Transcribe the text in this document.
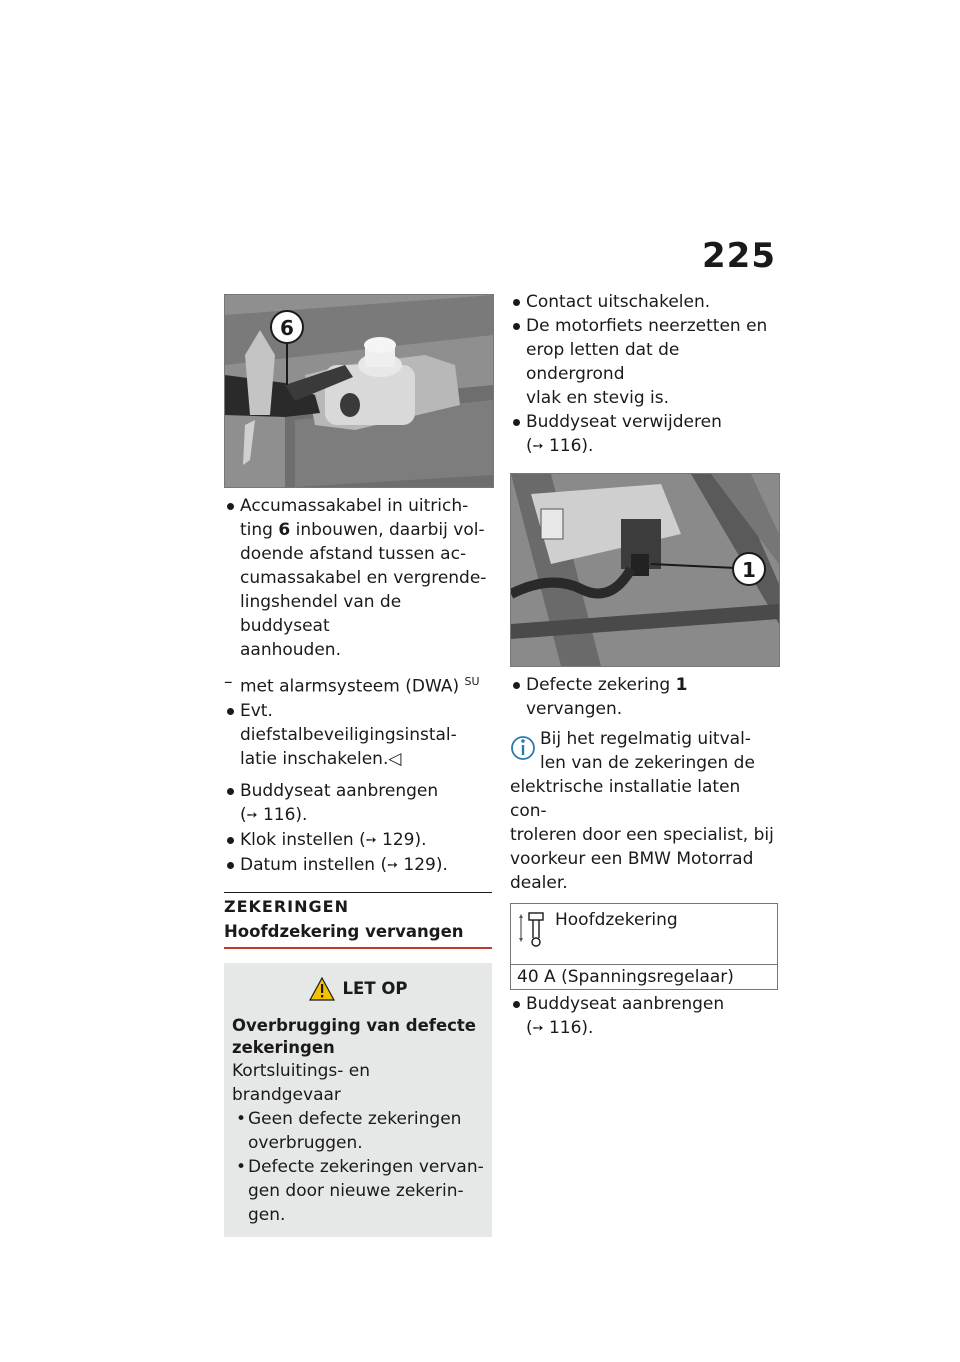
225
6
Accumassakabel in uitrich-
ting 6 inbouwen, daarbij vol-
doende afstand tussen ac-
cumassakabel en vergrende-
lingshendel van de buddyseat
aanhouden.
– met alarmsysteem (DWA) $^{SU}$
Evt. diefstalbeveiligingsinstal-
latie inschakelen.◁
Buddyseat aanbrengen
(➙ 116).
Klok instellen (➙ 129).
Datum instellen (➙ 129).
ZEKERINGEN
Hoofdzekering vervangen
LET OP
Overbrugging van defecte
zekeringen
Kortsluitings- en brandgevaar
• Geen defecte zekeringen
overbruggen.
• Defecte zekeringen vervan-
gen door nieuwe zekerin-
gen.
Contact uitschakelen.
De motorfiets neerzetten en
erop letten dat de ondergrond
vlak en stevig is.
Buddyseat verwijderen
(➙ 116).
1
Defecte zekering 1 vervangen.
Bij het regelmatig uitval-
len van de zekeringen de
elektrische installatie laten con-
troleren door een specialist, bij
voorkeur een BMW Motorrad
dealer.
Hoofdzekering

40 A (Spanningsregelaar)
Buddyseat aanbrengen
(➙ 116).
